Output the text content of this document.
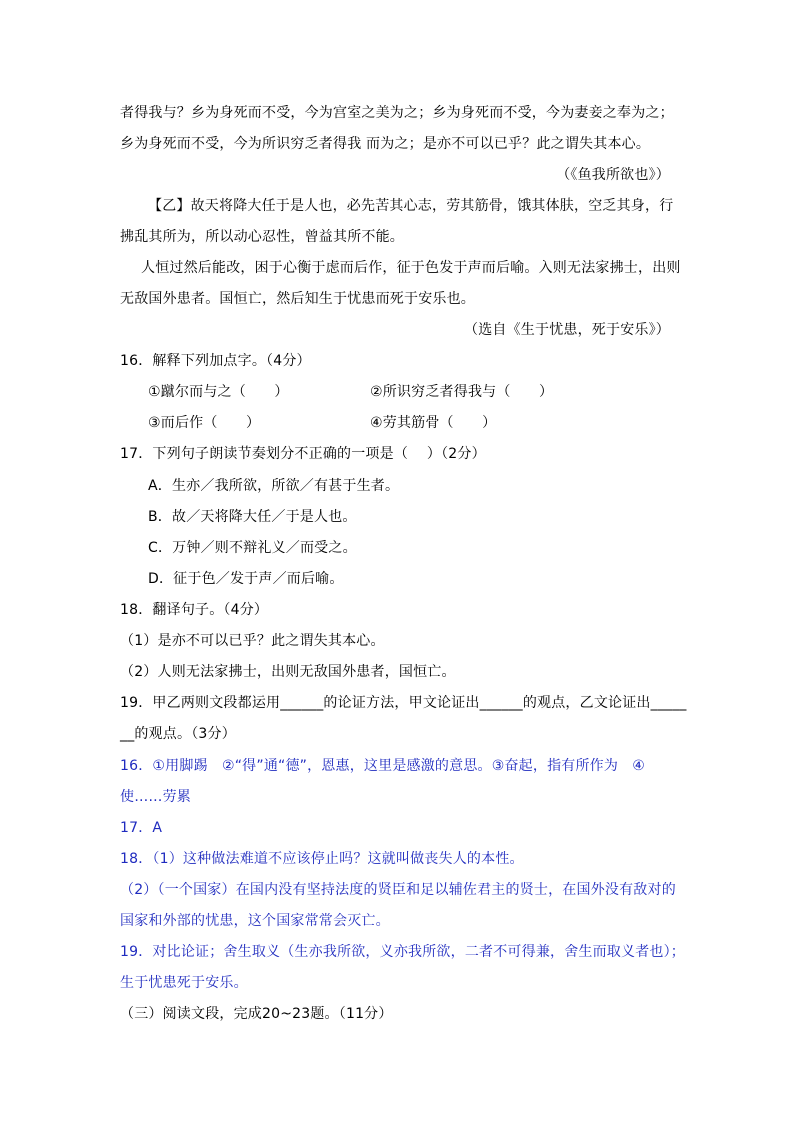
者得我与？乡为身死而不受，今为宫室之美为之；乡为身死而不受，今为妻妾之奉为之；
乡为身死而不受，今为所识穷乏者得我 而为之；是亦不可以已乎？此之谓失其本心。
（《鱼我所欲也》）
【乙】故天将降大任于是人也，必先苦其心志，劳其筋骨，饿其体肤，空乏其身，行
拂乱其所为，所以动心忍性，曾益其所不能。
人恒过然后能改，困于心衡于虑而后作，征于色发于声而后喻。入则无法家拂士，出则
无敌国外患者。国恒亡，然后知生于忧患而死于安乐也。
（选自《生于忧患，死于安乐》）
16．解释下列加点字。（4分）
①蹴尔而与之（　　）	②所识穷乏者得我与（　　）
③而后作（　　）	④劳其筋骨（　　）
17．下列句子朗读节奏划分不正确的一项是（　 ）（2分）
A．生亦／我所欲，所欲／有甚于生者。
B．故／天将降大任／于是人也。
C．万钟／则不辩礼义／而受之。
D．征于色／发于声／而后喻。
18．翻译句子。（4分）
（1）是亦不可以已乎？此之谓失其本心。
（2）人则无法家拂士，出则无敌国外患者，国恒亡。
19．甲乙两则文段都运用______的论证方法，甲文论证出______的观点，乙文论证出_____
__的观点。（3分）
16．①用脚踢　②“得”通“德”，恩惠，这里是感激的意思。③奋起，指有所作为　④
使……劳累
17．A
18．（1）这种做法难道不应该停止吗？这就叫做丧失人的本性。
（2）（一个国家）在国内没有坚持法度的贤臣和足以辅佐君主的贤士，在国外没有敌对的
国家和外部的忧患，这个国家常常会灭亡。
19．对比论证；舍生取义（生亦我所欲，义亦我所欲，二者不可得兼，舍生而取义者也）；
生于忧患死于安乐。
（三）阅读文段，完成20~23题。（11分）
